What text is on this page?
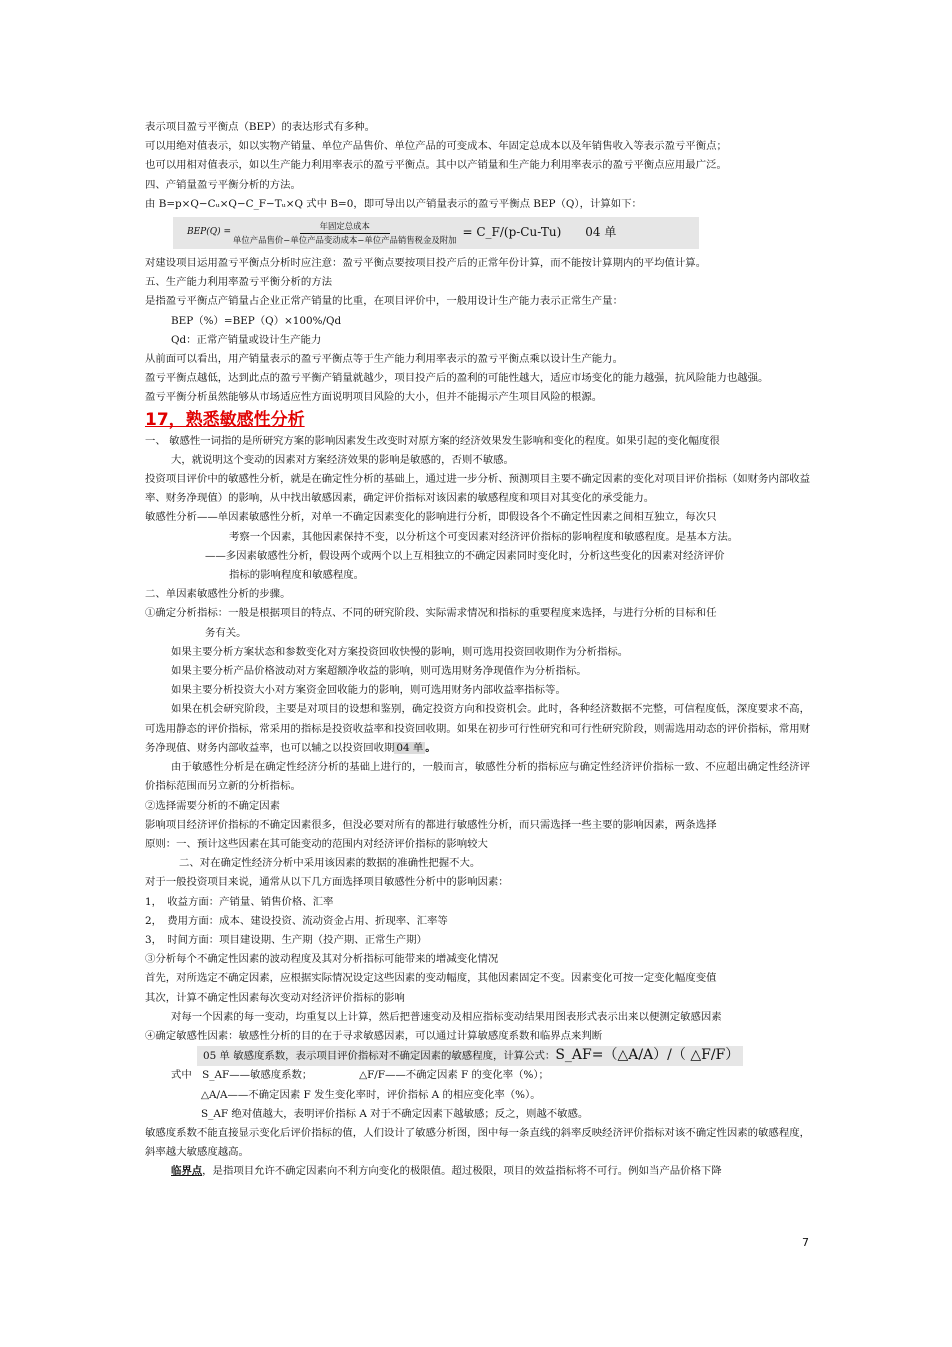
表示项目盈亏平衡点（BEP）的表达形式有多种。
可以用绝对值表示，如以实物产销量、单位产品售价、单位产品的可变成本、年固定总成本以及年销售收入等表示盈亏平衡点；
也可以用相对值表示，如以生产能力利用率表示的盈亏平衡点。其中以产销量和生产能力利用率表示的盈亏平衡点应用最广泛。
四、产销量盈亏平衡分析的方法。
由 B=p×Q−Cᵤ×Q−C_F−Tᵤ×Q 式中 B=0，即可导出以产销量表示的盈亏平衡点 BEP（Q），计算如下：
$BEP(Q) = \frac{\text{年固定总成本}}{\text{单位产品售价−单位产品变动成本−单位产品销售税金及附加}}$ = C_F/(p-Cu-Tu) 04 单
对建设项目运用盈亏平衡点分析时应注意：盈亏平衡点要按项目投产后的正常年份计算，而不能按计算期内的平均值计算。
五、生产能力利用率盈亏平衡分析的方法
是指盈亏平衡点产销量占企业正常产销量的比重，在项目评价中，一般用设计生产能力表示正常生产量：
BEP（%）=BEP（Q）×100%/Qd
Qd：正常产销量或设计生产能力
从前面可以看出，用产销量表示的盈亏平衡点等于生产能力利用率表示的盈亏平衡点乘以设计生产能力。
盈亏平衡点越低，达到此点的盈亏平衡产销量就越少，项目投产后的盈利的可能性越大，适应市场变化的能力越强，抗风险能力也越强。
盈亏平衡分析虽然能够从市场适应性方面说明项目风险的大小，但并不能揭示产生项目风险的根源。
17，熟悉敏感性分析
一、 敏感性一词指的是所研究方案的影响因素发生改变时对原方案的经济效果发生影响和变化的程度。如果引起的变化幅度很
大，就说明这个变动的因素对方案经济效果的影响是敏感的，否则不敏感。
投资项目评价中的敏感性分析，就是在确定性分析的基础上，通过进一步分析、预测项目主要不确定因素的变化对项目评价指标（如财务内部收益率、财务净现值）的影响，从中找出敏感因素，确定评价指标对该因素的敏感程度和项目对其变化的承受能力。
敏感性分析——单因素敏感性分析，对单一不确定因素变化的影响进行分析，即假设各个不确定性因素之间相互独立，每次只
考察一个因素，其他因素保持不变，以分析这个可变因素对经济评价指标的影响程度和敏感程度。是基本方法。
——多因素敏感性分析，假设两个或两个以上互相独立的不确定因素同时变化时，分析这些变化的因素对经济评价
指标的影响程度和敏感程度。
二、单因素敏感性分析的步骤。
①确定分析指标：一般是根据项目的特点、不同的研究阶段、实际需求情况和指标的重要程度来选择，与进行分析的目标和任
务有关。
如果主要分析方案状态和参数变化对方案投资回收快慢的影响，则可选用投资回收期作为分析指标。
如果主要分析产品价格波动对方案超额净收益的影响，则可选用财务净现值作为分析指标。
如果主要分析投资大小对方案资金回收能力的影响，则可选用财务内部收益率指标等。
如果在机会研究阶段，主要是对项目的设想和鉴别，确定投资方向和投资机会。此时，各种经济数据不完整，可信程度低，深度要求不高，可选用静态的评价指标，常采用的指标是投资收益率和投资回收期。如果在初步可行性研究和可行性研究阶段，则需选用动态的评价指标，常用财务净现值、财务内部收益率，也可以辅之以投资回收期 04 单 。
由于敏感性分析是在确定性经济分析的基础上进行的，一般而言，敏感性分析的指标应与确定性经济评价指标一致、不应超出确定性经济评价指标范围而另立新的分析指标。
②选择需要分析的不确定因素
影响项目经济评价指标的不确定因素很多，但没必要对所有的都进行敏感性分析，而只需选择一些主要的影响因素，两条选择
原则：一、预计这些因素在其可能变动的范围内对经济评价指标的影响较大
二、对在确定性经济分析中采用该因素的数据的准确性把握不大。
对于一般投资项目来说，通常从以下几方面选择项目敏感性分析中的影响因素：
1，　收益方面：产销量、销售价格、汇率
2，　费用方面：成本、建设投资、流动资金占用、折现率、汇率等
3，　时间方面：项目建设期、生产期（投产期、正常生产期）
③分析每个不确定性因素的波动程度及其对分析指标可能带来的增减变化情况
首先，对所选定不确定因素，应根据实际情况设定这些因素的变动幅度，其他因素固定不变。因素变化可按一定变化幅度变值
其次，计算不确定性因素每次变动对经济评价指标的影响
对每一个因素的每一变动，均重复以上计算，然后把普速变动及相应指标变动结果用图表形式表示出来以便测定敏感因素
④确定敏感性因素：敏感性分析的目的在于寻求敏感因素，可以通过计算敏感度系数和临界点来判断
05 单 敏感度系数，表示项目评价指标对不确定因素的敏感程度，计算公式：S_AF=（△A/A）/（ △F/F）
式中　S_AF——敏感度系数；　　　　　△F/F——不确定因素 F 的变化率（%）；
△A/A——不确定因素 F 发生变化率时，评价指标 A 的相应变化率（%）。
S_AF 绝对值越大，表明评价指标 A 对于不确定因素下越敏感；反之，则越不敏感。
敏感度系数不能直接显示变化后评价指标的值，人们设计了敏感分析图，图中每一条直线的斜率反映经济评价指标对该不确定性因素的敏感程度，斜率越大敏感度越高。
临界点，是指项目允许不确定因素向不利方向变化的极限值。超过极限，项目的效益指标将不可行。例如当产品价格下降
7
